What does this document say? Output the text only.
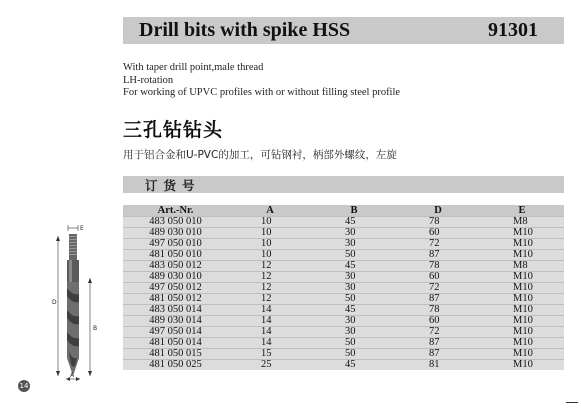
Drill bits with spike HSS	91301
With taper drill point,male thread
LH-rotation
For working of UPVC profiles with or without filling steel profile
三孔钻钻头
用于铝合金和U-PVC的加工，可钻钢衬，柄部外螺纹，左旋
订货号
E
D
B
A
Art.-Nr.	A	B	D	E
483 050 010	10	45	78	M8
489 030 010	10	30	60	M10
497 050 010	10	30	72	M10
481 050 010	10	50	87	M10
483 050 012	12	45	78	M8
489 030 010	12	30	60	M10
497 050 012	12	30	72	M10
481 050 012	12	50	87	M10
483 050 014	14	45	78	M10
489 030 014	14	30	60	M10
497 050 014	14	30	72	M10
481 050 014	14	50	87	M10
481 050 015	15	50	87	M10
481 050 025	25	45	81	M10
14
